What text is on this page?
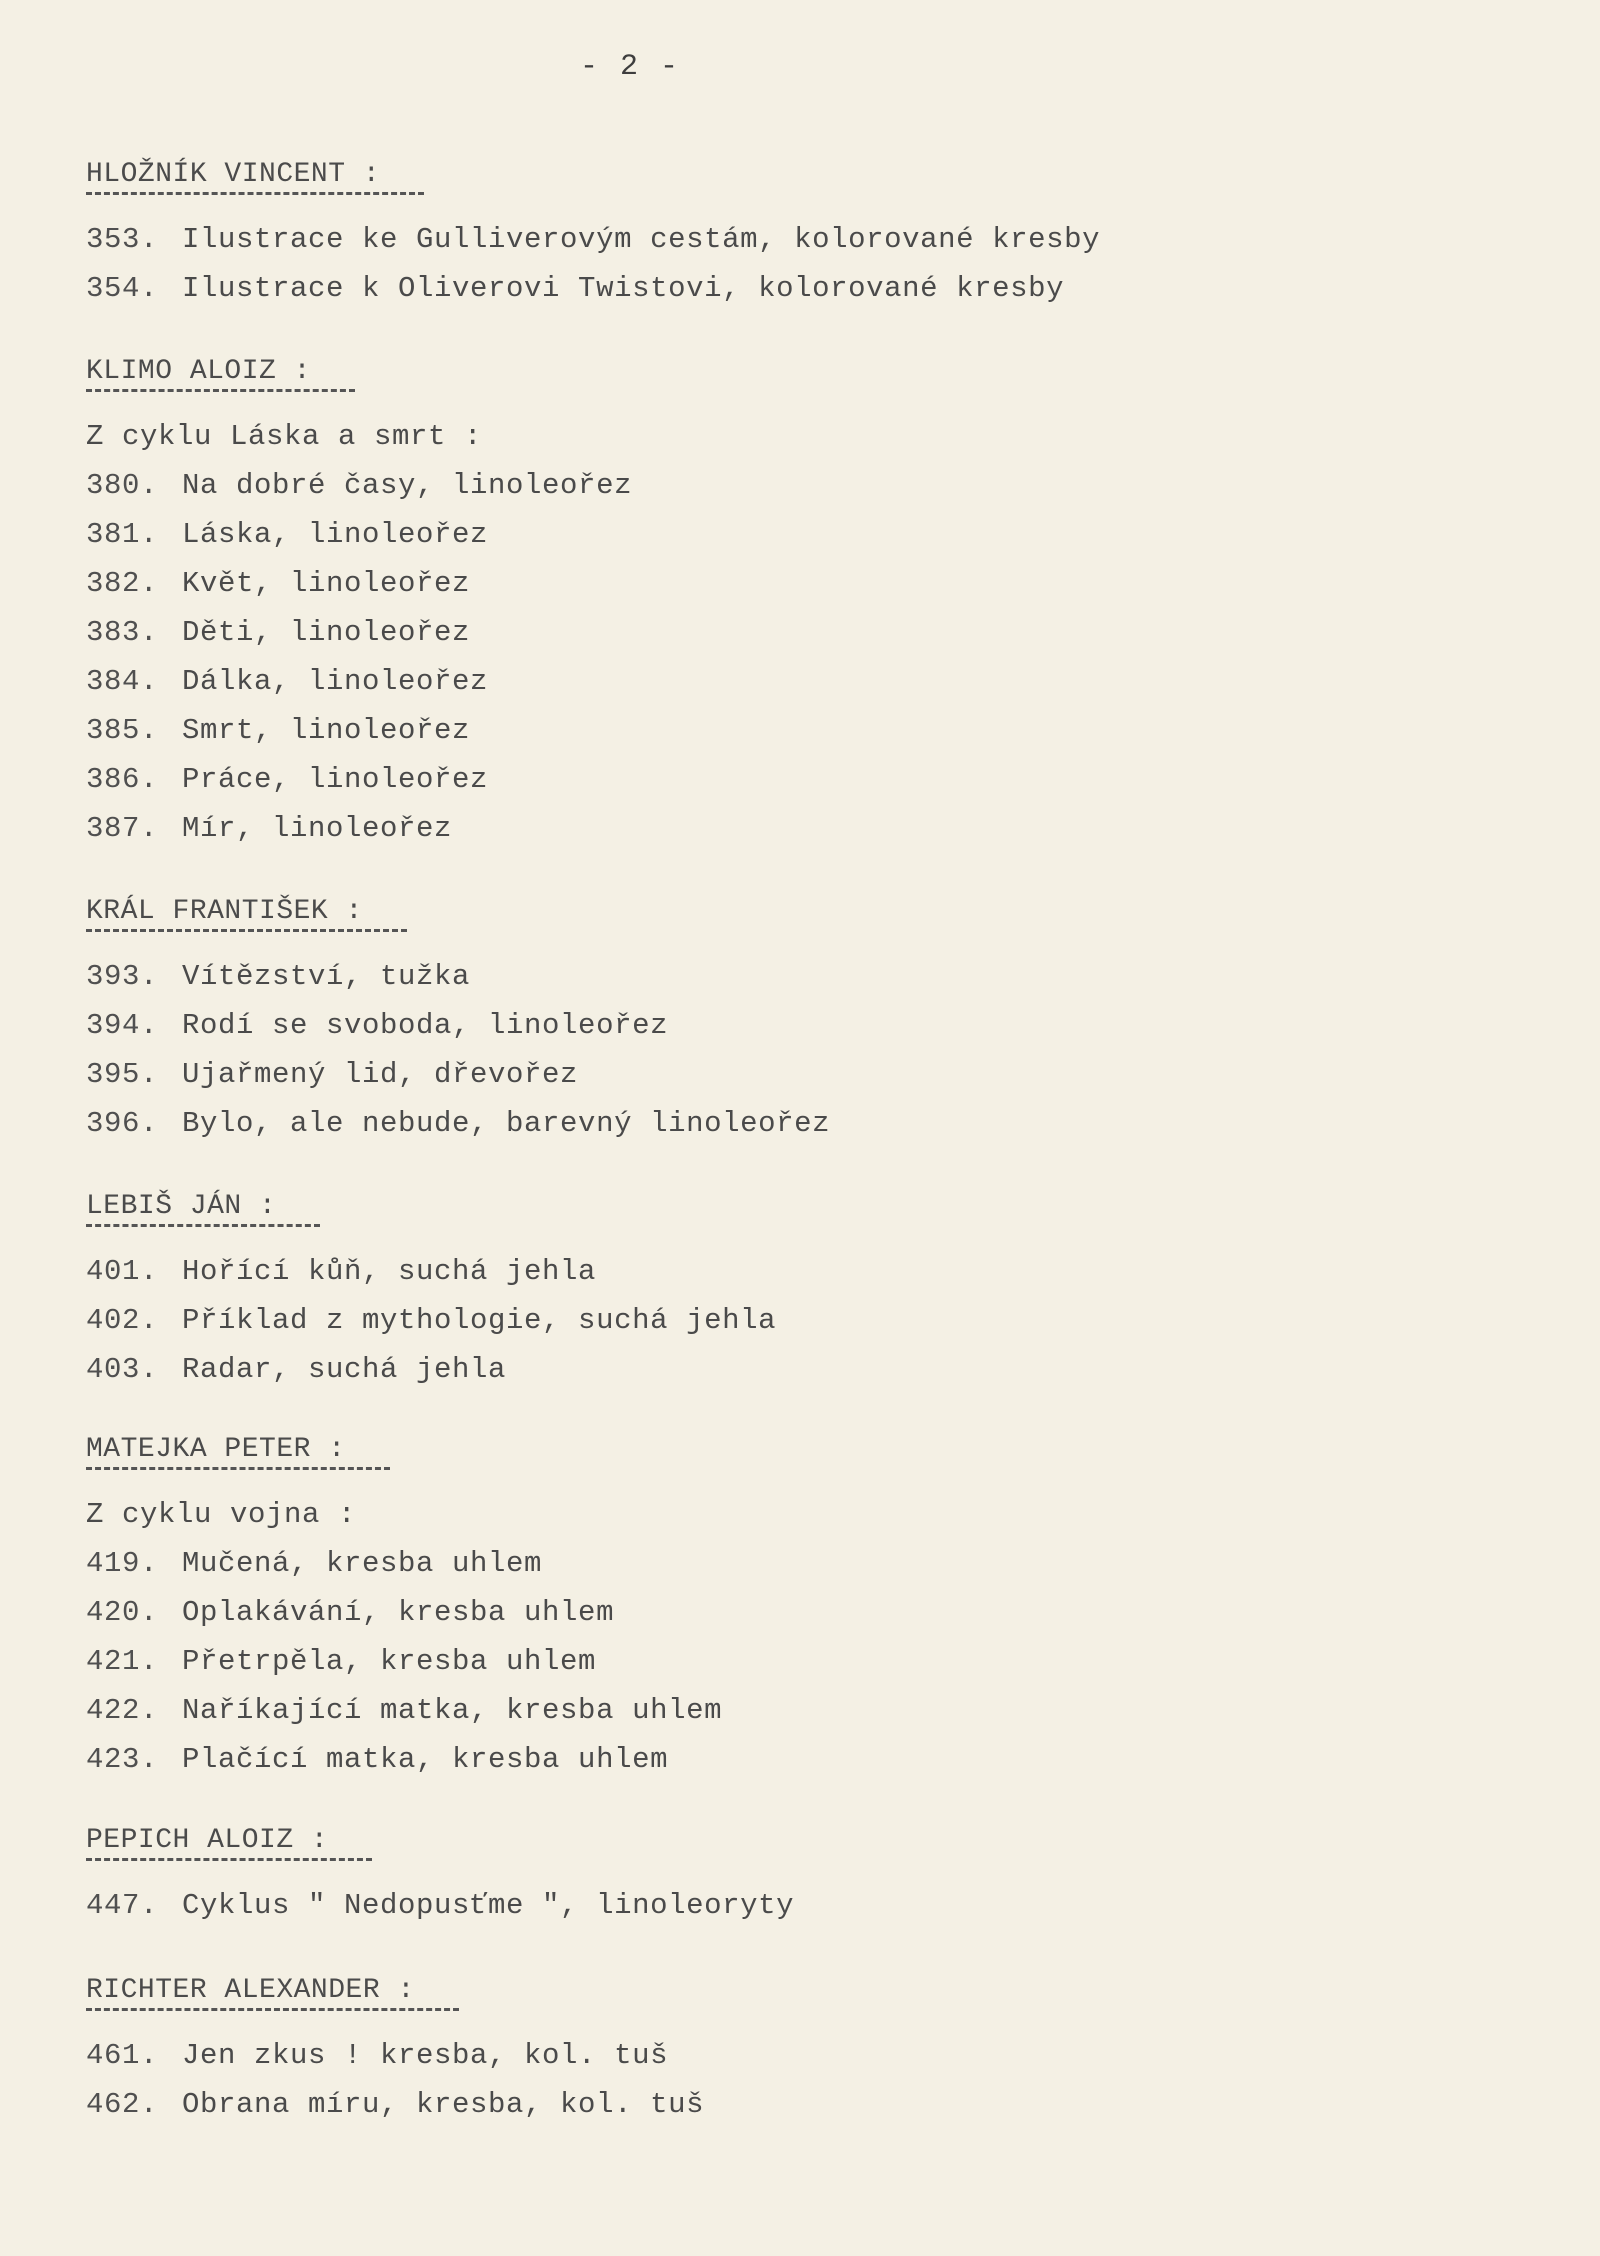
- 2 -
HLOŽNÍK VINCENT :
353. Ilustrace ke Gulliverovým cestám, kolorované kresby
354. Ilustrace k Oliverovi Twistovi, kolorované kresby
KLIMO ALOIZ :
Z cyklu Láska a smrt :
380. Na dobré časy, linoleořez
381. Láska, linoleořez
382. Květ, linoleořez
383. Děti, linoleořez
384. Dálka, linoleořez
385. Smrt, linoleořez
386. Práce, linoleořez
387. Mír, linoleořez
KRÁL FRANTIŠEK :
393. Vítězství, tužka
394. Rodí se svoboda, linoleořez
395. Ujařmený lid, dřevořez
396. Bylo, ale nebude, barevný linoleořez
LEBIŠ JÁN :
401. Hořící kůň, suchá jehla
402. Příklad z mythologie, suchá jehla
403. Radar, suchá jehla
MATEJKA PETER :
Z cyklu vojna :
419. Mučená, kresba uhlem
420. Oplakávání, kresba uhlem
421. Přetrpěla, kresba uhlem
422. Naříkající matka, kresba uhlem
423. Plačící matka, kresba uhlem
PEPICH ALOIZ :
447. Cyklus " Nedopusťme ", linoleoryty
RICHTER ALEXANDER :
461. Jen zkus ! kresba, kol. tuš
462. Obrana míru, kresba, kol. tuš
